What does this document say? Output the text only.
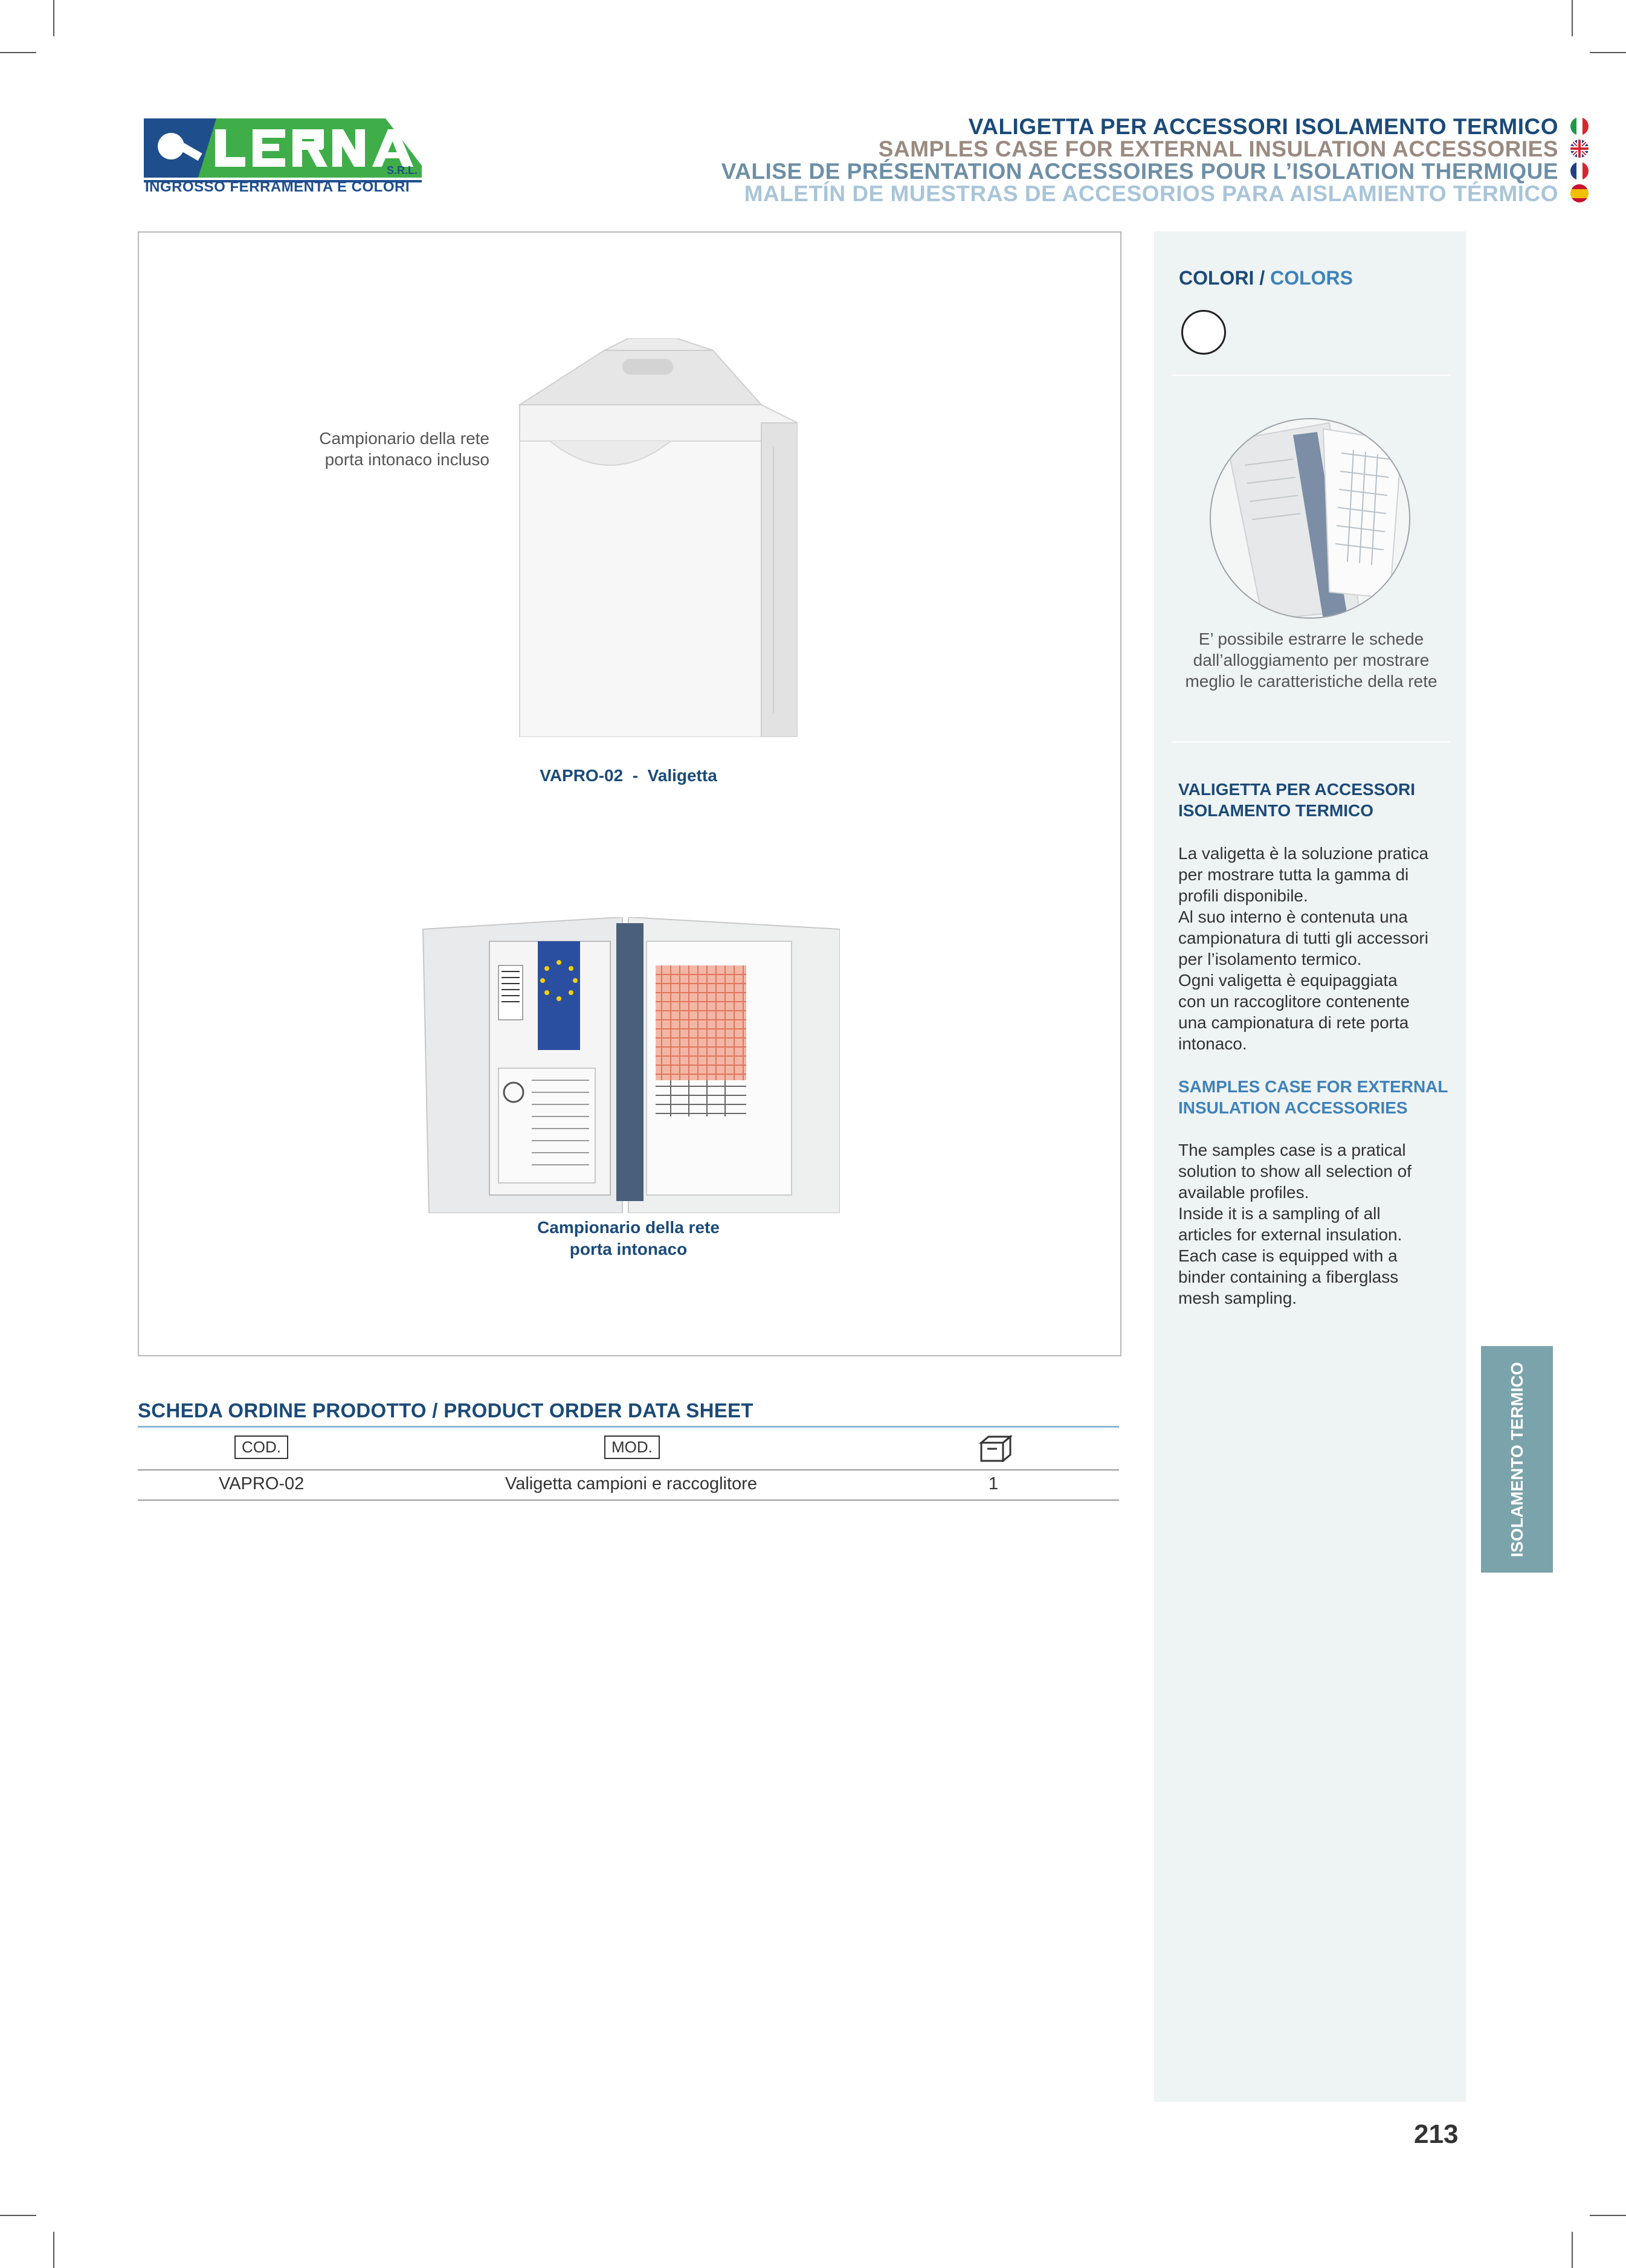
S.R.L.
INGROSSO FERRAMENTA E COLORI
VALIGETTA PER ACCESSORI ISOLAMENTO TERMICO
SAMPLES CASE FOR EXTERNAL INSULATION ACCESSORIES
VALISE DE PRÉSENTATION ACCESSOIRES POUR L’ISOLATION THERMIQUE
MALETÍN DE MUESTRAS DE ACCESORIOS PARA AISLAMIENTO TÉRMICO
Campionario della rete
porta intonaco incluso
VAPRO-02  -  Valigetta
Campionario della rete
porta intonaco
COLORI / COLORS
E’ possibile estrarre le schede
dall’alloggiamento per mostrare
meglio le caratteristiche della rete
VALIGETTA PER ACCESSORI
ISOLAMENTO TERMICO
La valigetta è la soluzione pratica
per mostrare tutta la gamma di
profili disponibile.
Al suo interno è contenuta una
campionatura di tutti gli accessori
per l’isolamento termico.
Ogni valigetta è equipaggiata
con un raccoglitore contenente
una campionatura di rete porta
intonaco.
SAMPLES CASE FOR EXTERNAL
INSULATION ACCESSORIES
The samples case is a pratical
solution to show all selection of
available profiles.
Inside it is a sampling of all
articles for external insulation.
Each case is equipped with a
binder containing a fiberglass
mesh sampling.
ISOLAMENTO TERMICO
SCHEDA ORDINE PRODOTTO / PRODUCT ORDER DATA SHEET
COD.	MOD.
VAPRO-02	Valigetta campioni e raccoglitore	1
213
